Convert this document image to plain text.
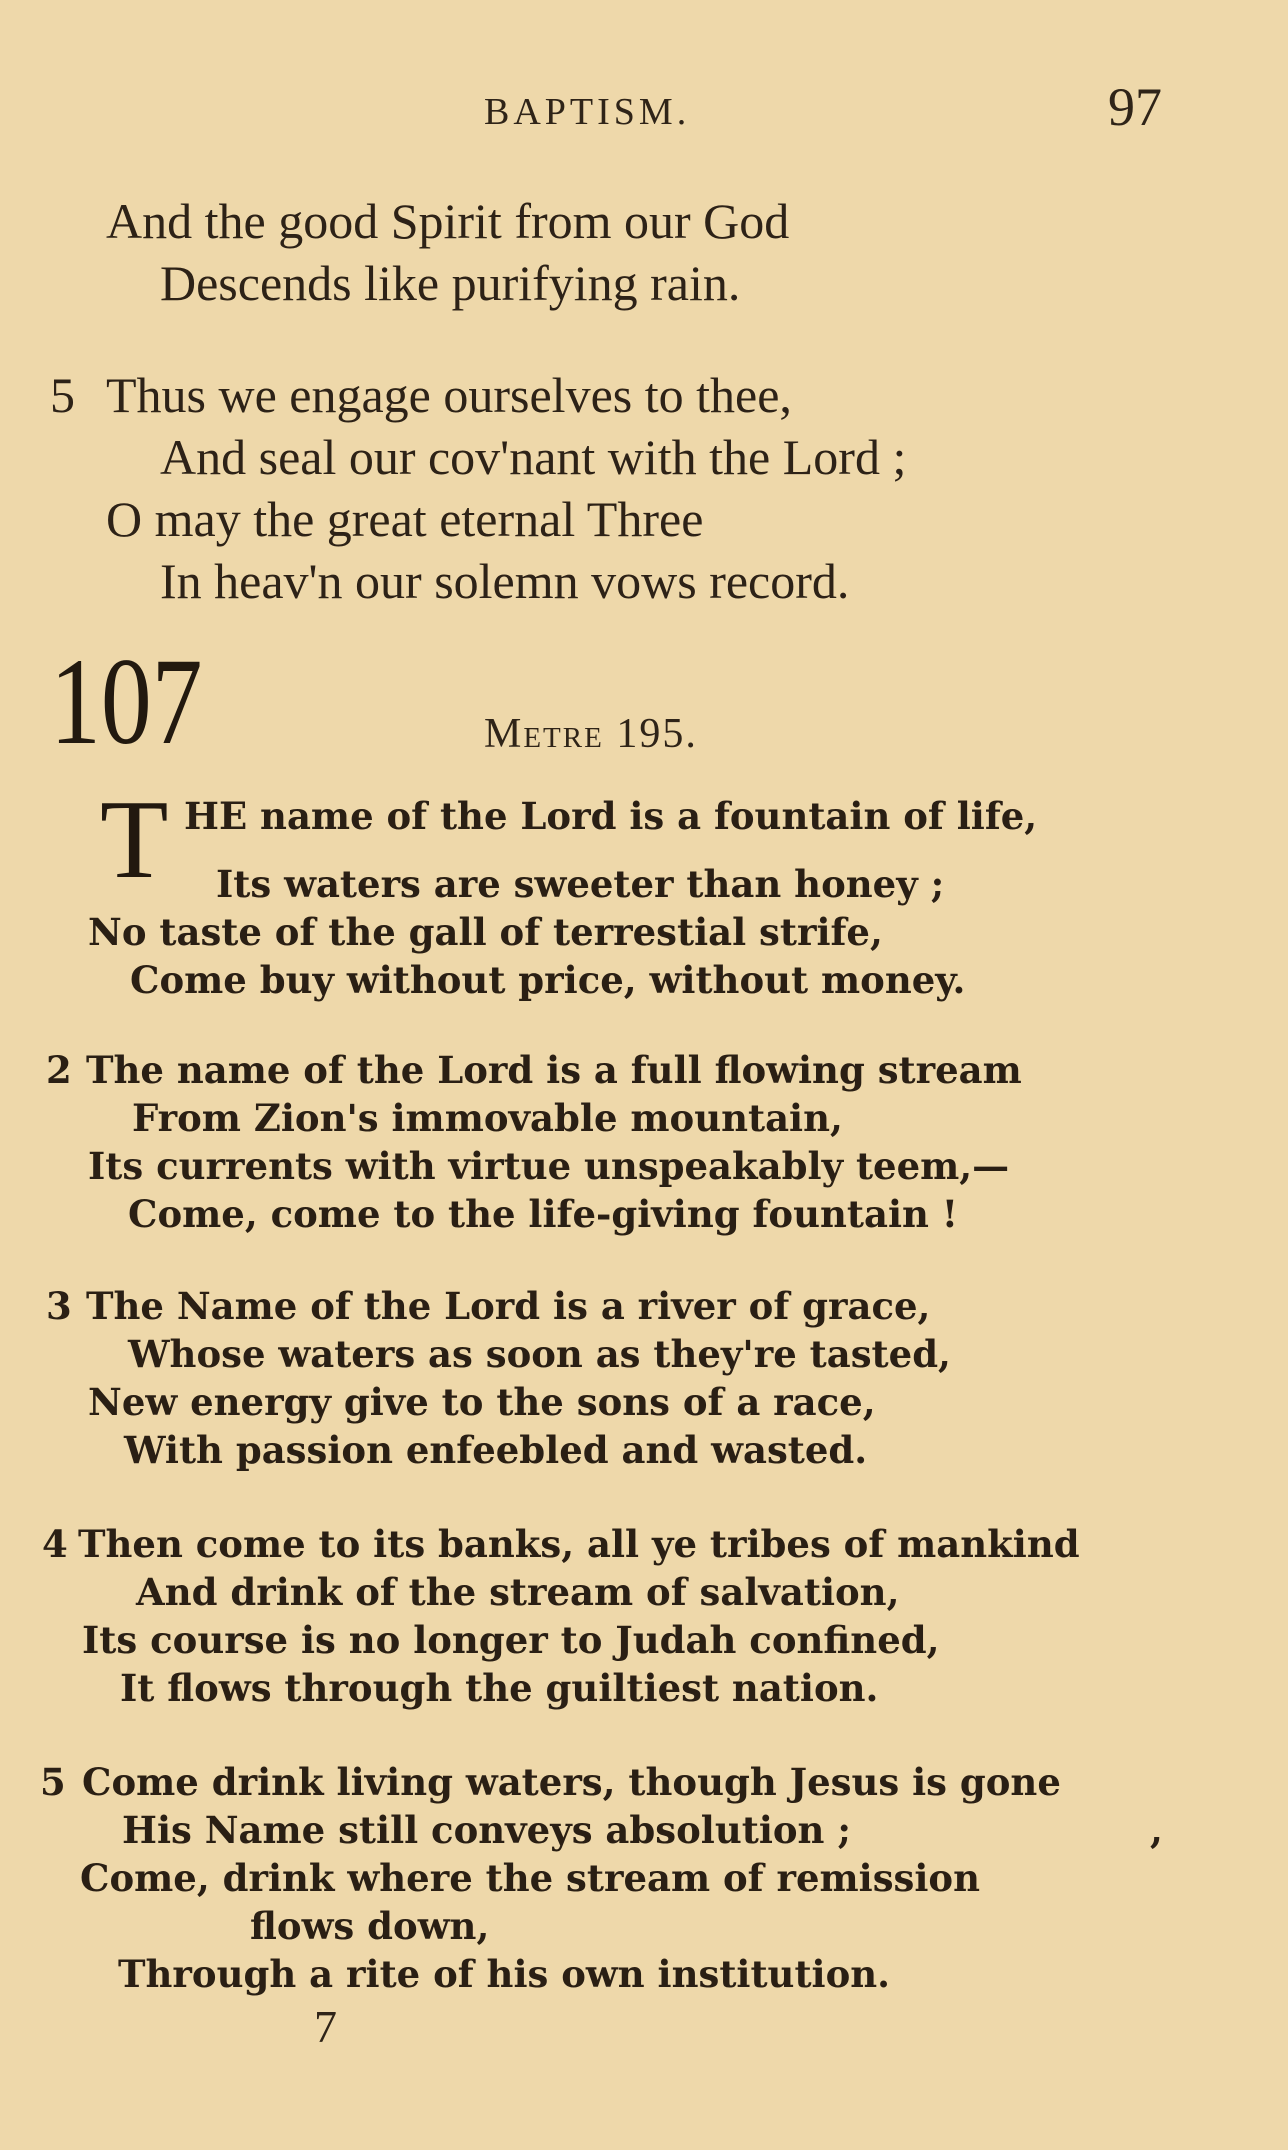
BAPTISM.	97
And the good Spirit from our God
Descends like purifying rain.
5 Thus we engage ourselves to thee,
And seal our cov'nant with the Lord ;
O may the great eternal Three
In heav'n our solemn vows record.
107	Metre 195.
T HE name of the Lord is a fountain of life,
Its waters are sweeter than honey ;
No taste of the gall of terrestial strife,
Come buy without price, without money.
2 The name of the Lord is a full flowing stream
From Zion's immovable mountain,
Its currents with virtue unspeakably teem,—
Come, come to the life-giving fountain !
3 The Name of the Lord is a river of grace,
Whose waters as soon as they're tasted,
New energy give to the sons of a race,
With passion enfeebled and wasted.
4 Then come to its banks, all ye tribes of mankind
And drink of the stream of salvation,
Its course is no longer to Judah confined,
It flows through the guiltiest nation.
5 Come drink living waters, though Jesus is gone
His Name still conveys absolution ;	,
Come, drink where the stream of remission
flows down,
Through a rite of his own institution.
7
